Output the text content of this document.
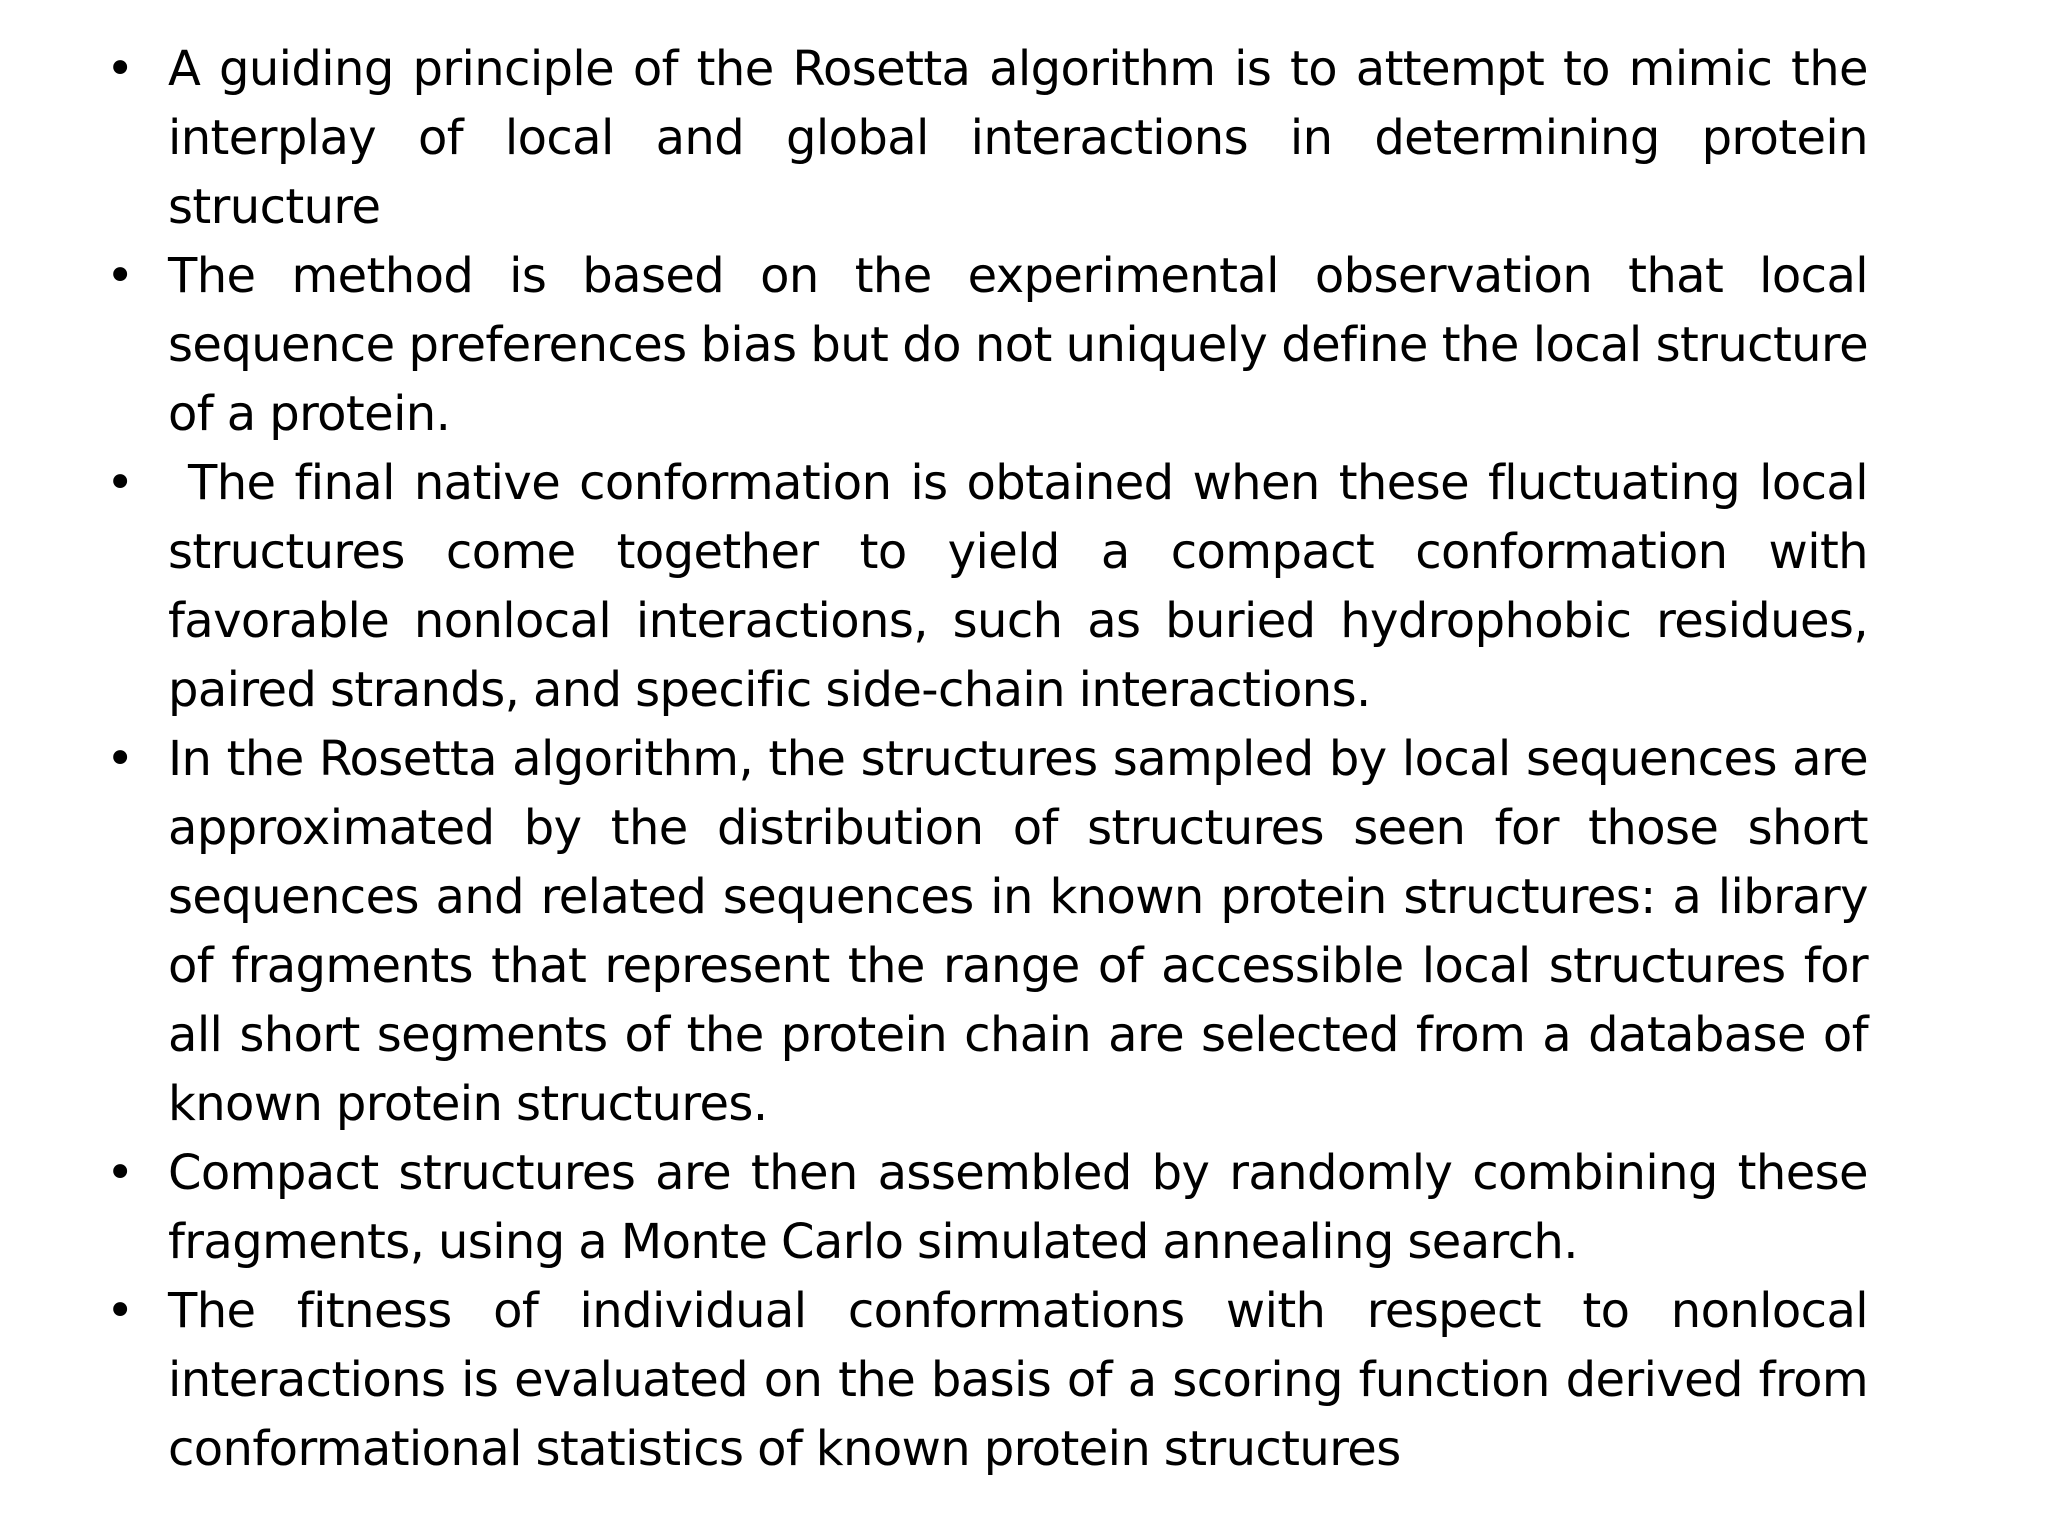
•
A guiding principle of the Rosetta algorithm is to attempt to mimic the interplay of local and global interactions in determining protein structure
•
The method is based on the experimental observation that local sequence preferences bias but do not uniquely define the local structure of a protein.
•
The final native conformation is obtained when these fluctuating local structures come together to yield a compact conformation with favorable nonlocal interactions, such as buried hydrophobic residues, paired strands, and specific side-chain interactions.
•
In the Rosetta algorithm, the structures sampled by local sequences are approximated by the distribution of structures seen for those short sequences and related sequences in known protein structures: a library of fragments that represent the range of accessible local structures for all short segments of the protein chain are selected from a database of known protein structures.
•
Compact structures are then assembled by randomly combining these fragments, using a Monte Carlo simulated annealing search.
•
The fitness of individual conformations with respect to nonlocal interactions is evaluated on the basis of a scoring function derived from conformational statistics of known protein structures
